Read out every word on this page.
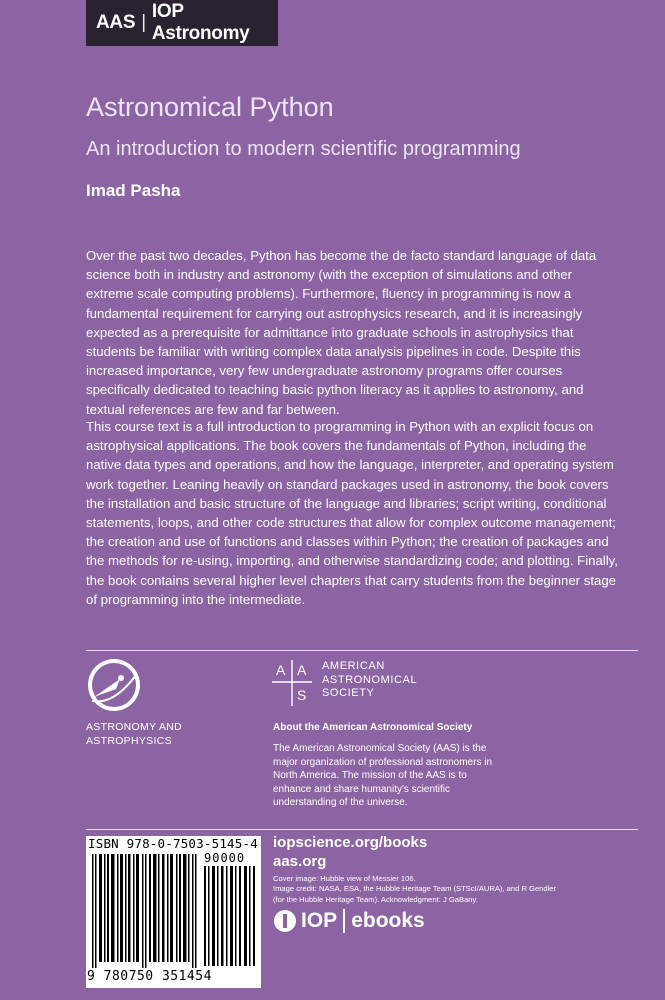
AAS |
IOP Astronomy
Astronomical Python

An introduction to modern scientific programming

Imad Pasha

Over the past two decades, Python has become the de facto standard language of data science both in industry and astronomy (with the exception of simulations and other extreme scale computing problems). Furthermore, fluency in programming is now a fundamental requirement for carrying out astrophysics research, and it is increasingly expected as a prerequisite for admittance into graduate schools in astrophysics that students be familiar with writing complex data analysis pipelines in code. Despite this increased importance, very few undergraduate astronomy programs offer courses specifically dedicated to teaching basic python literacy as it applies to astronomy, and textual references are few and far between.

This course text is a full introduction to programming in Python with an explicit focus on astrophysical applications. The book covers the fundamentals of Python, including the native data types and operations, and how the language, interpreter, and operating system work together. Leaning heavily on standard packages used in astronomy, the book covers the installation and basic structure of the language and libraries; script writing, conditional statements, loops, and other code structures that allow for complex outcome management; the creation and use of functions and classes within Python; the creation of packages and the methods for re-using, importing, and otherwise standardizing code; and plotting. Finally, the book contains several higher level chapters that carry students from the beginner stage of programming into the intermediate.

ASTRONOMY AND
ASTROPHYSICS
A A
S
AMERICAN
ASTRONOMICAL
SOCIETY
About the American Astronomical Society
The American Astronomical Society (AAS) is the major organization of professional astronomers in North America. The mission of the AAS is to enhance and share humanity's scientific understanding of the universe.
ISBN 978-0-7503-5145-4
90000
9 780750 351454
iopscience.org/books
aas.org
Cover image: Hubble view of Messier 106.
Image credit: NASA, ESA, the Hubble Heritage Team (STScI/AURA), and R Gendler
(for the Hubble Heritage Team). Acknowledgment: J GaBany.
IOP ebooks
